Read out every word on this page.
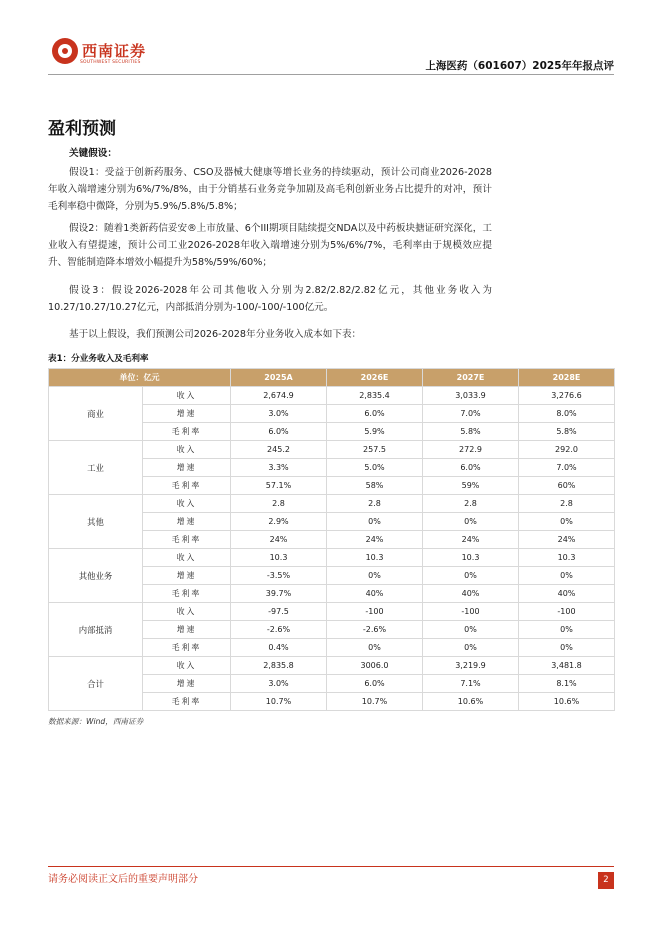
西南证券
SOUTHWEST SECURITIES	上海医药（601607）2025年年报点评
盈利预测
关键假设：

假设1：受益于创新药服务、CSO及器械大健康等增长业务的持续驱动，预计公司商业2026-2028年收入端增速分别为6%/7%/8%，由于分销基石业务竞争加剧及高毛利创新业务占比提升的对冲，预计毛利率稳中微降，分别为5.9%/5.8%/5.8%；

假设2：随着1类新药信妥安®上市放量、6个III期项目陆续提交NDA以及中药板块搪证研究深化，工业收入有望提速，预计公司工业2026-2028年收入端增速分别为5%/6%/7%，毛利率由于规模效应提升、智能制造降本增效小幅提升为58%/59%/60%；

假设3：假设2026-2028年公司其他收入分别为2.82/2.82/2.82亿元，其他业务收入为10.27/10.27/10.27亿元，内部抵消分别为-100/-100/-100亿元。

基于以上假设，我们预测公司2026-2028年分业务收入成本如下表：

表1：分业务收入及毛利率
单位：亿元		2025A	2026E	2027E	2028E
商业	收入	2,674.9	2,835.4	3,033.9	3,276.6
	增速	3.0%	6.0%	7.0%	8.0%
	毛利率	6.0%	5.9%	5.8%	5.8%
工业	收入	245.2	257.5	272.9	292.0
	增速	3.3%	5.0%	6.0%	7.0%
	毛利率	57.1%	58%	59%	60%
其他	收入	2.8	2.8	2.8	2.8
	增速	2.9%	0%	0%	0%
	毛利率	24%	24%	24%	24%
其他业务	收入	10.3	10.3	10.3	10.3
	增速	-3.5%	0%	0%	0%
	毛利率	39.7%	40%	40%	40%
内部抵消	收入	-97.5	-100	-100	-100
	增速	-2.6%	-2.6%	0%	0%
	毛利率	0.4%	0%	0%	0%
合计	收入	2,835.8	3006.0	3,219.9	3,481.8
	增速	3.0%	6.0%	7.1%	8.1%
	毛利率	10.7%	10.7%	10.6%	10.6%
数据来源：Wind，西南证券
请务必阅读正文后的重要声明部分	2
